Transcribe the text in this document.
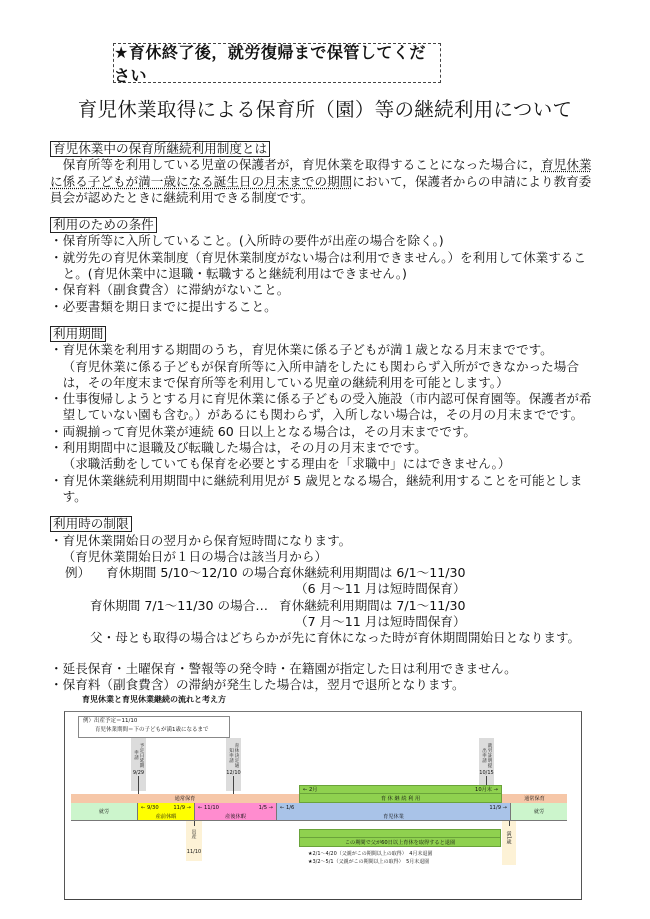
★育休終了後，就労復帰まで保管してください
育児休業取得による保育所（園）等の継続利用について
育児休業中の保育所継続利用制度とは
保育所等を利用している児童の保護者が，育児休業を取得することになった場合に，育児休業
に係る子どもが満一歳になる誕生日の月末までの期間において，保護者からの申請により教育委
員会が認めたときに継続利用できる制度です。
利用のための条件
・保育所等に入所していること。(入所時の要件が出産の場合を除く。)
・就労先の育児休業制度（育児休業制度がない場合は利用できません。）を利用して休業するこ
と。(育児休業中に退職・転職すると継続利用はできません。)
・保育料（副食費含）に滞納がないこと。
・必要書類を期日までに提出すること。
利用期間
・育児休業を利用する期間のうち，育児休業に係る子どもが満１歳となる月末までです。
（育児休業に係る子どもが保育所等に入所申請をしたにも関わらず入所ができなかった場合
は，その年度末まで保育所等を利用している児童の継続利用を可能とします。）
・仕事復帰しようとする月に育児休業に係る子どもの受入施設（市内認可保育園等。保護者が希
望していない園も含む。）があるにも関わらず，入所しない場合は，その月の月末までです。
・両親揃って育児休業が連続 60 日以上となる場合は，その月末までです。
・利用期間中に退職及び転職した場合は，その月の月末までです。
（求職活動をしていても保育を必要とする理由を「求職中」にはできません。）
・育児休業継続利用期間中に継続利用児が 5 歳児となる場合，継続利用することを可能としま
す。
利用時の制限
・育児休業開始日の翌月から保育短時間になります。
（育児休業開始日が１日の場合は該当月から）
例） 育休期間 5/10～12/10 の場合…
育休継続利用期間は 6/1～11/30
（6 月～11 月は短時間保育）
育休期間 7/1～11/30 の場合… 育休継続利用期間は 7/1～11/30
（7 月～11 月は短時間保育）
父・母とも取得の場合はどちらかが先に育休になった時が育休期間開始日となります。
・延長保育・土曜保育・警報等の発令時・在籍園が指定した日は利用できません。
・保育料（副食費含）の滞納が発生した場合は，翌月で退所となります。
育児休業と育児休業継続の流れと考え方
例）出産予定＝11/10
育児休業期間＝下の子どもが満1歳になるまで
予定日延期申請
9/29
育休決定通知申請
12/10
就労証明提出申請
10/15
← 2月	10月末 →
育 休 継 続 利 用
通常保育	通常保育
就労
← 9/30	11/9 →
産前休暇
← 11/10	1/5 →
産後休暇
← 1/6	11/9 →
育児休業
就労
出産
11/10
満1歳
この期間で父が60日以上育休を取得すると退園
★2/1～4/20（父親がこの期間以上の取得）　4月末退園
★3/2～5/1（父親がこの期間以上の取得）　5月末退園
